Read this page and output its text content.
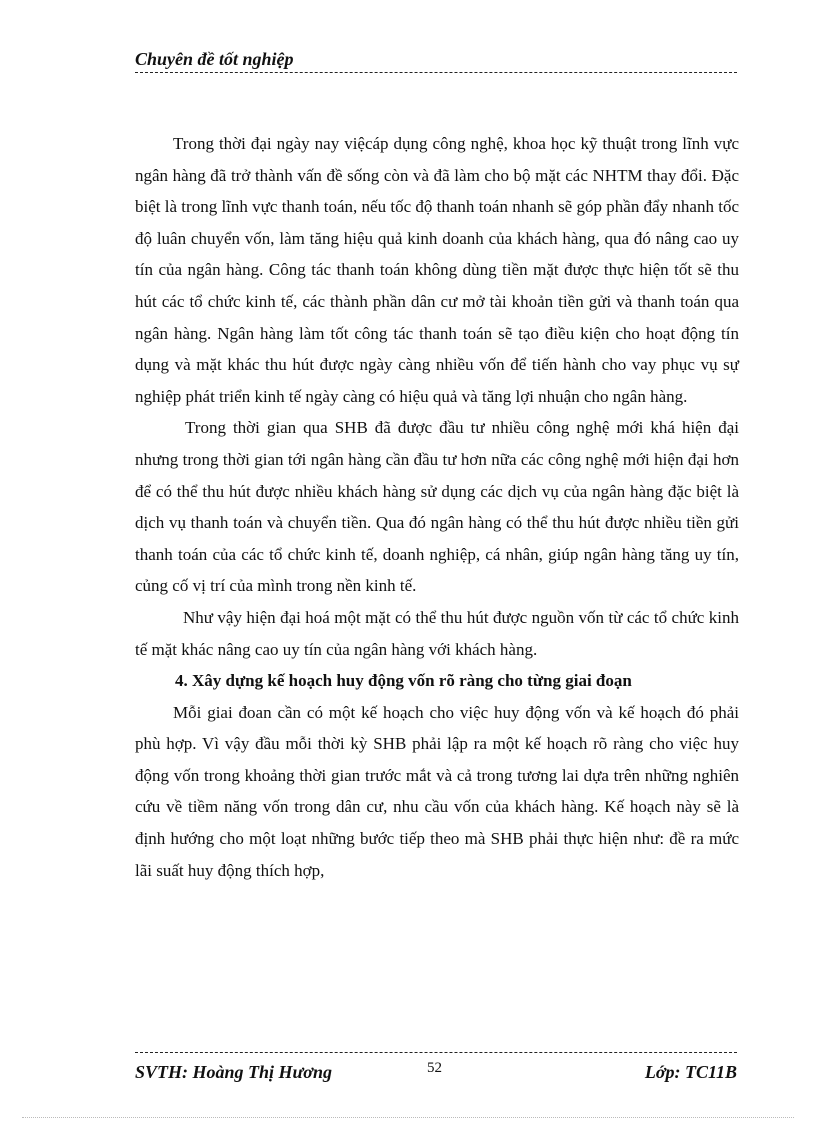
Chuyên đề tốt nghiệp

Trong thời đại ngày nay việcáp dụng công nghệ, khoa học kỹ thuật trong lĩnh vực ngân hàng đã trở thành vấn đề sống còn và đã làm cho bộ mặt các NHTM thay đổi. Đặc biệt là trong lĩnh vực thanh toán, nếu tốc độ thanh toán nhanh sẽ góp phần đẩy nhanh tốc độ luân chuyển vốn, làm tăng hiệu quả kinh doanh của khách hàng, qua đó nâng cao uy tín của ngân hàng. Công tác thanh toán không dùng tiền mặt được thực hiện tốt sẽ thu hút các tổ chức kinh tế, các thành phần dân cư mở tài khoản tiền gửi và thanh toán qua ngân hàng. Ngân hàng làm tốt công tác thanh toán sẽ tạo điều kiện cho hoạt động tín dụng và mặt khác thu hút được ngày càng nhiều vốn để tiến hành cho vay phục vụ sự nghiệp phát triển kinh tế ngày càng có hiệu quả và tăng lợi nhuận cho ngân hàng.

Trong thời gian qua SHB đã được đầu tư nhiều công nghệ mới khá hiện đại nhưng trong thời gian tới ngân hàng cần đầu tư hơn nữa các công nghệ mới hiện đại hơn để có thể thu hút được nhiều khách hàng sử dụng các dịch vụ của ngân hàng đặc biệt là dịch vụ thanh toán và chuyển tiền. Qua đó ngân hàng có thể thu hút được nhiều tiền gửi thanh toán của các tổ chức kinh tế, doanh nghiệp, cá nhân, giúp ngân hàng tăng uy tín, củng cố vị trí của mình trong nền kinh tế.

Như vậy hiện đại hoá một mặt có thể thu hút được nguồn vốn từ các tổ chức kinh tế mặt khác nâng cao uy tín của ngân hàng với khách hàng.

4. Xây dựng kế hoạch huy động vốn rõ ràng cho từng giai đoạn

Mỗi giai đoan cần có một kế hoạch cho việc huy động vốn và kế hoạch đó phải phù hợp. Vì vậy đầu mỗi thời kỳ SHB phải lập ra một kế hoạch rõ ràng cho việc huy động vốn trong khoảng thời gian trước mắt và cả trong tương lai dựa trên những nghiên cứu về tiềm năng vốn trong dân cư, nhu cầu vốn của khách hàng. Kế hoạch này sẽ là định hướng cho một loạt những bước tiếp theo mà SHB phải thực hiện như: đề ra mức lãi suất huy động thích hợp,

SVTH: Hoàng Thị Hương	52	Lớp: TC11B
